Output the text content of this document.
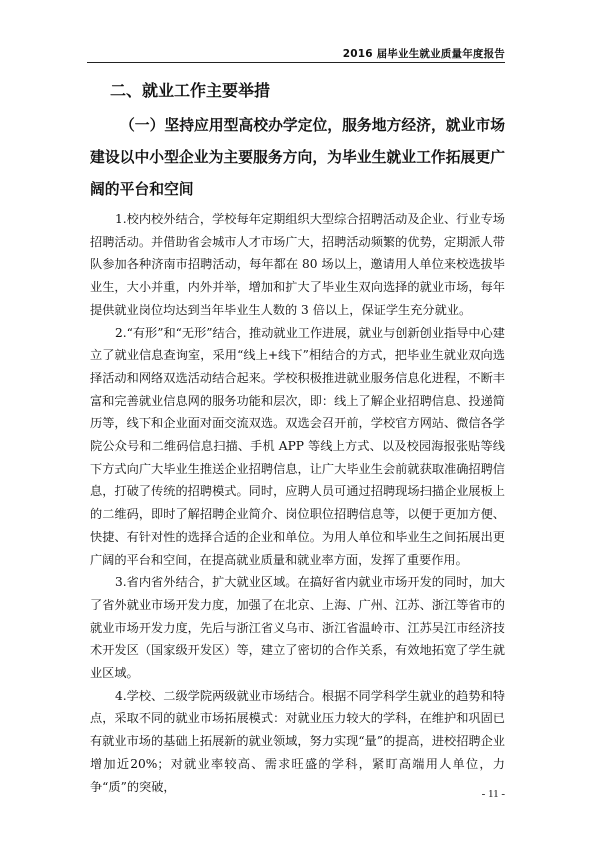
2016 届毕业生就业质量年度报告
二、就业工作主要举措
（一）坚持应用型高校办学定位，服务地方经济，就业市场建设以中小型企业为主要服务方向，为毕业生就业工作拓展更广阔的平台和空间

1.校内校外结合，学校每年定期组织大型综合招聘活动及企业、行业专场招聘活动。并借助省会城市人才市场广大，招聘活动频繁的优势，定期派人带队参加各种济南市招聘活动，每年都在 80 场以上，邀请用人单位来校选拔毕业生，大小并重，内外并举，增加和扩大了毕业生双向选择的就业市场，每年提供就业岗位均达到当年毕业生人数的 3 倍以上，保证学生充分就业。

2.“有形”和“无形”结合，推动就业工作进展，就业与创新创业指导中心建立了就业信息查询室，采用“线上+线下”相结合的方式，把毕业生就业双向选择活动和网络双选活动结合起来。学校积极推进就业服务信息化进程，不断丰富和完善就业信息网的服务功能和层次，即：线上了解企业招聘信息、投递简历等，线下和企业面对面交流双选。双选会召开前，学校官方网站、微信各学院公众号和二维码信息扫描、手机 APP 等线上方式、以及校园海报张贴等线下方式向广大毕业生推送企业招聘信息，让广大毕业生会前就获取准确招聘信息，打破了传统的招聘模式。同时，应聘人员可通过招聘现场扫描企业展板上的二维码，即时了解招聘企业简介、岗位职位招聘信息等，以便于更加方便、快捷、有针对性的选择合适的企业和单位。为用人单位和毕业生之间拓展出更广阔的平台和空间，在提高就业质量和就业率方面，发挥了重要作用。

3.省内省外结合，扩大就业区域。在搞好省内就业市场开发的同时，加大了省外就业市场开发力度，加强了在北京、上海、广州、江苏、浙江等省市的就业市场开发力度，先后与浙江省义乌市、浙江省温岭市、江苏吴江市经济技术开发区（国家级开发区）等，建立了密切的合作关系，有效地拓宽了学生就业区域。

4.学校、二级学院两级就业市场结合。根据不同学科学生就业的趋势和特点，采取不同的就业市场拓展模式：对就业压力较大的学科，在维护和巩固已有就业市场的基础上拓展新的就业领域，努力实现“量”的提高，进校招聘企业增加近20%；对就业率较高、需求旺盛的学科，紧盯高端用人单位，力争“质”的突破，

- 11 -
